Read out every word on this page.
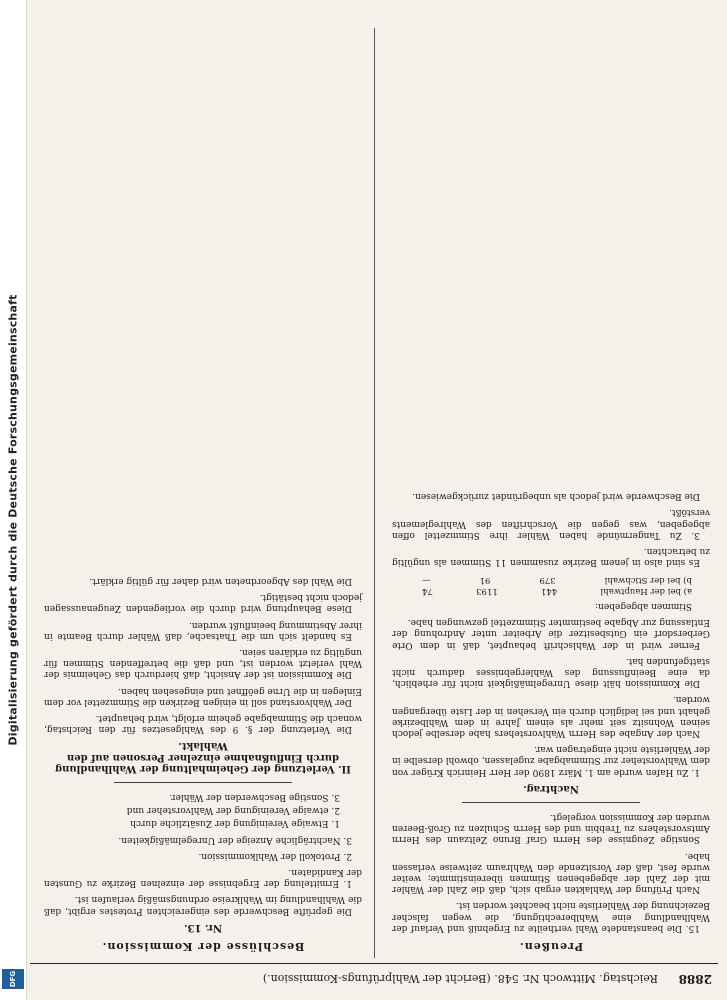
Digitalisierung gefördert durch die Deutsche Forschungsgemeinschaft
DFG	2888
Reichstag. Mittwoch Nr. 548. (Bericht der Wahlprüfungs-Kommission.)
Preußen.

15. Die beanstandete Wahl vertheilte zu Ergebniß und Verlauf der Wahlhandlung eine Wahlberechtigung, die wegen falscher Bezeichnung der Wählerliste nicht beachtet worden ist.

Nach Prüfung der Wahlakten ergab sich, daß die Zahl der Wähler mit der Zahl der abgegebenen Stimmen übereinstimmte; weiter wurde fest, daß der Vorsitzende den Wahlraum zeitweise verlassen habe.

Sonstige Zeugnisse des Herrn Graf Bruno Zeltzaun des Herrn Amtsvorstehers zu Trebbin und des Herrn Schulzen zu Groß-Beeren wurden der Kommission vorgelegt.

Nachtrag.

1. Zu Hafen wurde am 1. März 1890 der Herr Heinrich Krüger von dem Wahlvorsteher zur Stimmabgabe zugelassen, obwohl derselbe in der Wählerliste nicht eingetragen war.

Nach der Angabe des Herrn Wahlvorstehers habe derselbe jedoch seinen Wohnsitz seit mehr als einem Jahre in dem Wahlbezirke gehabt und sei lediglich durch ein Versehen in der Liste übergangen worden.

Die Kommission hält diese Unregelmäßigkeit nicht für erheblich, da eine Beeinflussung des Wahlergebnisses dadurch nicht stattgefunden hat.

Ferner wird in der Wahlschrift behauptet, daß in dem Orte Gerbersdorf ein Gutsbesitzer die Arbeiter unter Androhung der Entlassung zur Abgabe bestimmter Stimmzettel gezwungen habe.

Stimmen abgegeben:
a) bei der Hauptwahl
441
1193
74
b) bei der Stichwahl
379
91
—

Es sind also in jenem Bezirke zusammen 11 Stimmen als ungültig zu betrachten.

3. Zu Tangermünde haben Wähler ihre Stimmzettel offen abgegeben, was gegen die Vorschriften des Wahlreglements verstößt.

Die Beschwerde wird jedoch als unbegründet zurückgewiesen.

Beschlüsse der Kommission.
Nr. 13.

Die geprüfte Beschwerde des eingereichten Protestes ergibt, daß die Wahlhandlung im Wahlkreise ordnungsmäßig verlaufen ist.

1. Ermittelung der Ergebnisse der einzelnen Bezirke zu Gunsten der Kandidaten.

2. Protokoll der Wahlkommission.

3. Nachträgliche Anzeige der Unregelmäßigkeiten.

1. Etwaige Vereinigung der Zusätzliche durch
2. etwaige Vereinigung der Wahlvorsteher und
3. Sonstige Beschwerden der Wähler.
II. Verletzung der Geheimhaltung der Wahlhandlung durch Einflußnahme einzelner Personen auf den Wahlakt.

Die Verletzung der §. 9 des Wahlgesetzes für den Reichstag, wonach die Stimmabgabe geheim erfolgt, wird behauptet.

Der Wahlvorstand soll in einigen Bezirken die Stimmzettel vor dem Einlegen in die Urne geöffnet und eingesehen haben.

Die Kommission ist der Ansicht, daß hierdurch das Geheimnis der Wahl verletzt worden ist, und daß die betreffenden Stimmen für ungültig zu erklären seien.

Es handelt sich um die Thatsache, daß Wähler durch Beamte in ihrer Abstimmung beeinflußt wurden.

Diese Behauptung wird durch die vorliegenden Zeugenaussagen jedoch nicht bestätigt.

Die Wahl des Abgeordneten wird daher für gültig erklärt.
